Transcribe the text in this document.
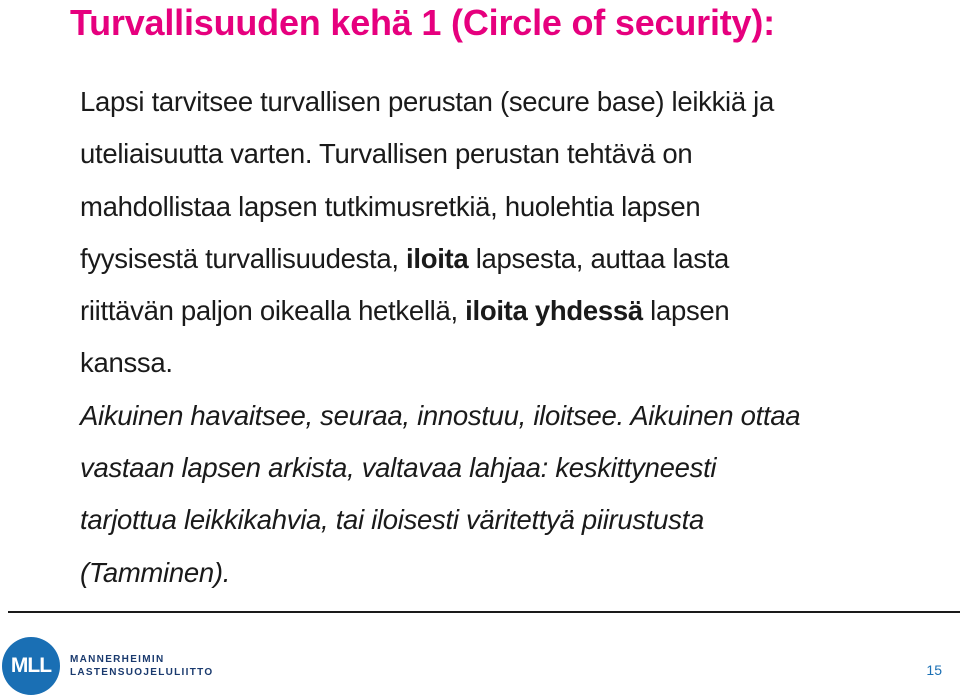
Turvallisuuden kehä 1 (Circle of security):

Lapsi tarvitsee turvallisen perustan (secure base) leikkiä ja
uteliaisuutta varten. Turvallisen perustan tehtävä on
mahdollistaa lapsen tutkimusretkiä, huolehtia lapsen
fyysisestä turvallisuudesta, iloita lapsesta, auttaa lasta
riittävän paljon oikealla hetkellä, iloita yhdessä lapsen
kanssa.

Aikuinen havaitsee, seuraa, innostuu, iloitsee. Aikuinen ottaa
vastaan lapsen arkista, valtavaa lahjaa: keskittyneesti
tarjottua leikkikahvia, tai iloisesti väritettyä piirustusta
(Tamminen).

MLL	MANNERHEIMIN
LASTENSUOJELULIITTO	15
